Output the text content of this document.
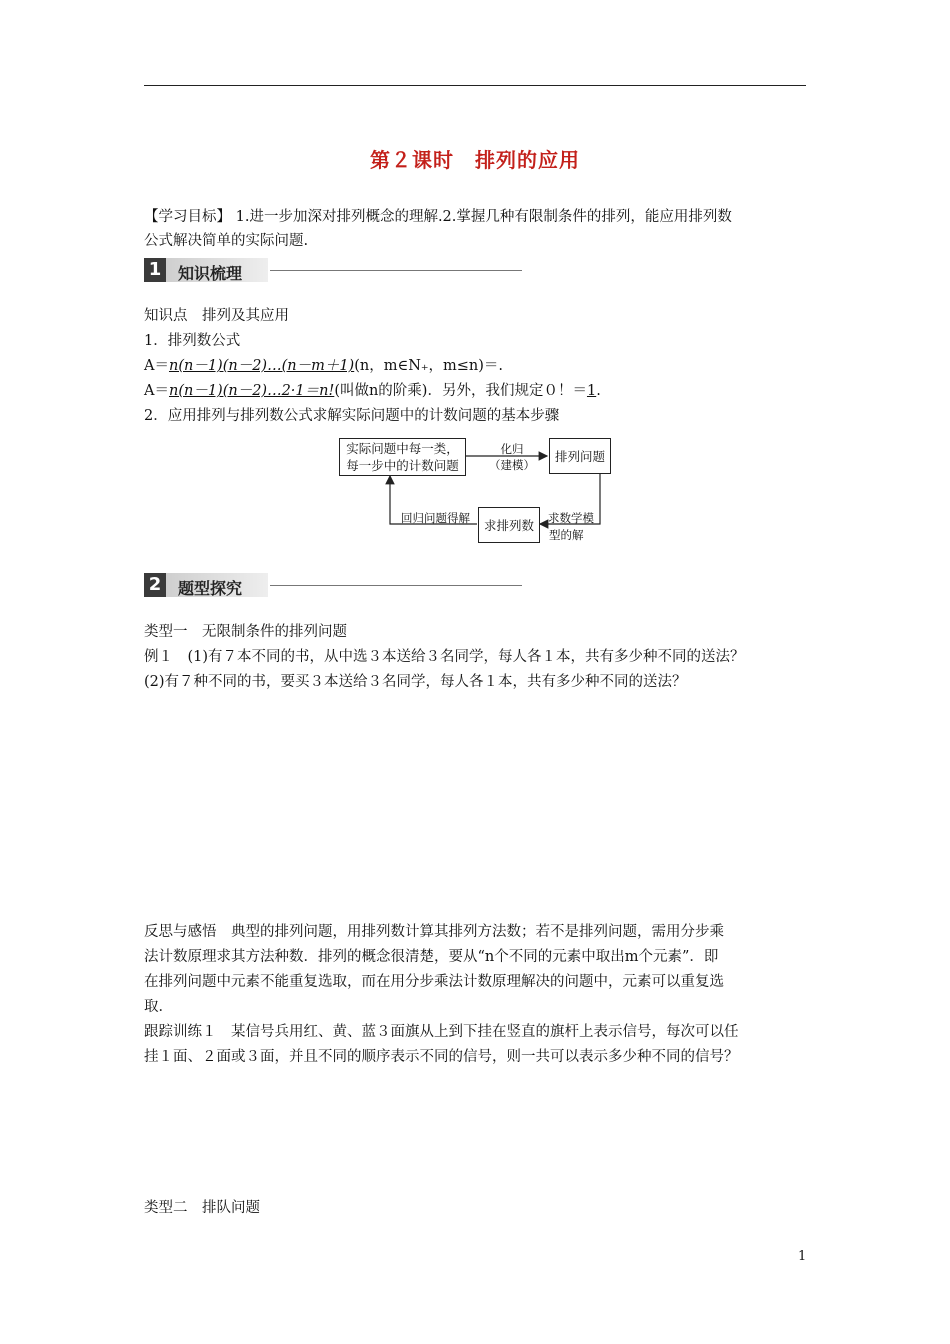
第２课时　排列的应用
【学习目标】 1.进一步加深对排列概念的理解.2.掌握几种有限制条件的排列，能应用排列数
公式解决简单的实际问题.
1 知识梳理
知识点　排列及其应用
1．排列数公式
A＝n(n－1)(n－2)…(n－m＋1)(n，m∈N₊，m≤n)＝.
A＝n(n－1)(n－2)…2·1＝n!(叫做n的阶乘)．另外，我们规定０！＝1.
2．应用排列与排列数公式求解实际问题中的计数问题的基本步骤
实际问题中每一类，
每一步中的计数问题
排列问题
求排列数
化归
（建模）
求数学模
型的解
回归问题得解
2 题型探究
类型一　无限制条件的排列问题
例１　(1)有７本不同的书，从中选３本送给３名同学，每人各１本，共有多少种不同的送法？
(2)有７种不同的书，要买３本送给３名同学，每人各１本，共有多少种不同的送法？
反思与感悟　典型的排列问题，用排列数计算其排列方法数；若不是排列问题，需用分步乘
法计数原理求其方法种数．排列的概念很清楚，要从“n个不同的元素中取出m个元素”．即
在排列问题中元素不能重复选取，而在用分步乘法计数原理解决的问题中，元素可以重复选
取．
跟踪训练１　某信号兵用红、黄、蓝３面旗从上到下挂在竖直的旗杆上表示信号，每次可以任
挂１面、２面或３面，并且不同的顺序表示不同的信号，则一共可以表示多少种不同的信号？
类型二　排队问题
1
